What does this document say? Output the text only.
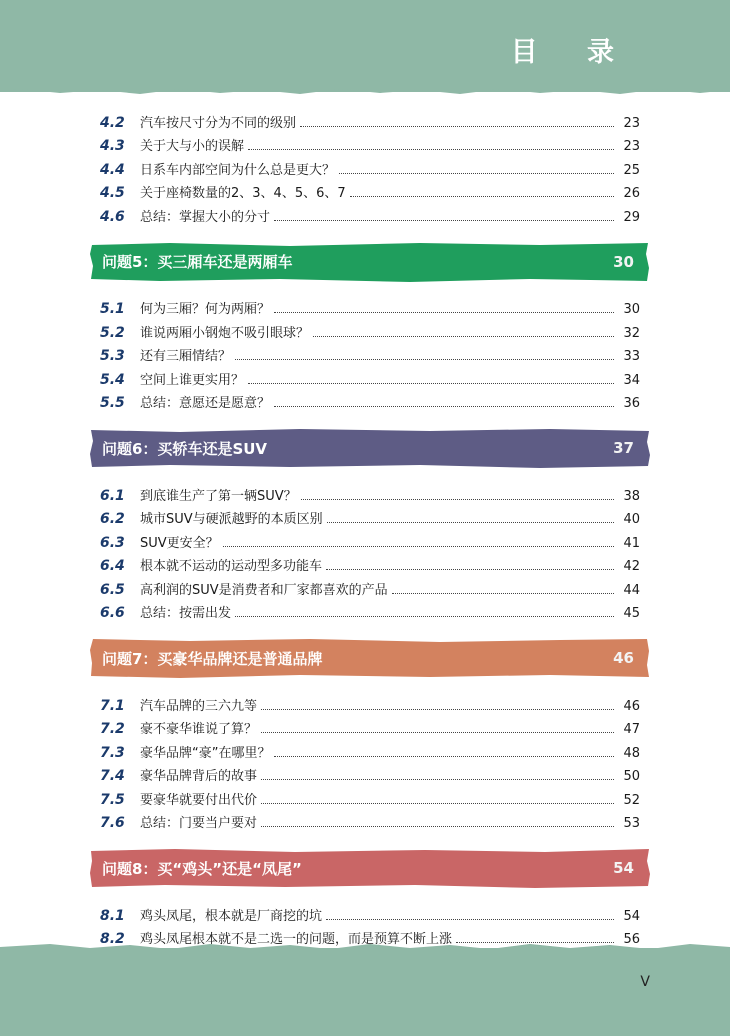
目 录
4.2	汽车按尺寸分为不同的级别	23
4.3	关于大与小的误解	23
4.4	日系车内部空间为什么总是更大？	25
4.5	关于座椅数量的2、3、4、5、6、7	26
4.6	总结：掌握大小的分寸	29
问题5：买三厢车还是两厢车	30
5.1	何为三厢？何为两厢？	30
5.2	谁说两厢小钢炮不吸引眼球？	32
5.3	还有三厢情结？	33
5.4	空间上谁更实用？	34
5.5	总结：意愿还是愿意？	36
问题6：买轿车还是SUV	37
6.1	到底谁生产了第一辆SUV？	38
6.2	城市SUV与硬派越野的本质区别	40
6.3	SUV更安全？	41
6.4	根本就不运动的运动型多功能车	42
6.5	高利润的SUV是消费者和厂家都喜欢的产品	44
6.6	总结：按需出发	45
问题7：买豪华品牌还是普通品牌	46
7.1	汽车品牌的三六九等	46
7.2	豪不豪华谁说了算？	47
7.3	豪华品牌“豪”在哪里？	48
7.4	豪华品牌背后的故事	50
7.5	要豪华就要付出代价	52
7.6	总结：门要当户要对	53
问题8：买“鸡头”还是“凤尾”	54
8.1	鸡头凤尾，根本就是厂商挖的坑	54
8.2	鸡头凤尾根本就不是二选一的问题，而是预算不断上涨	56
V
